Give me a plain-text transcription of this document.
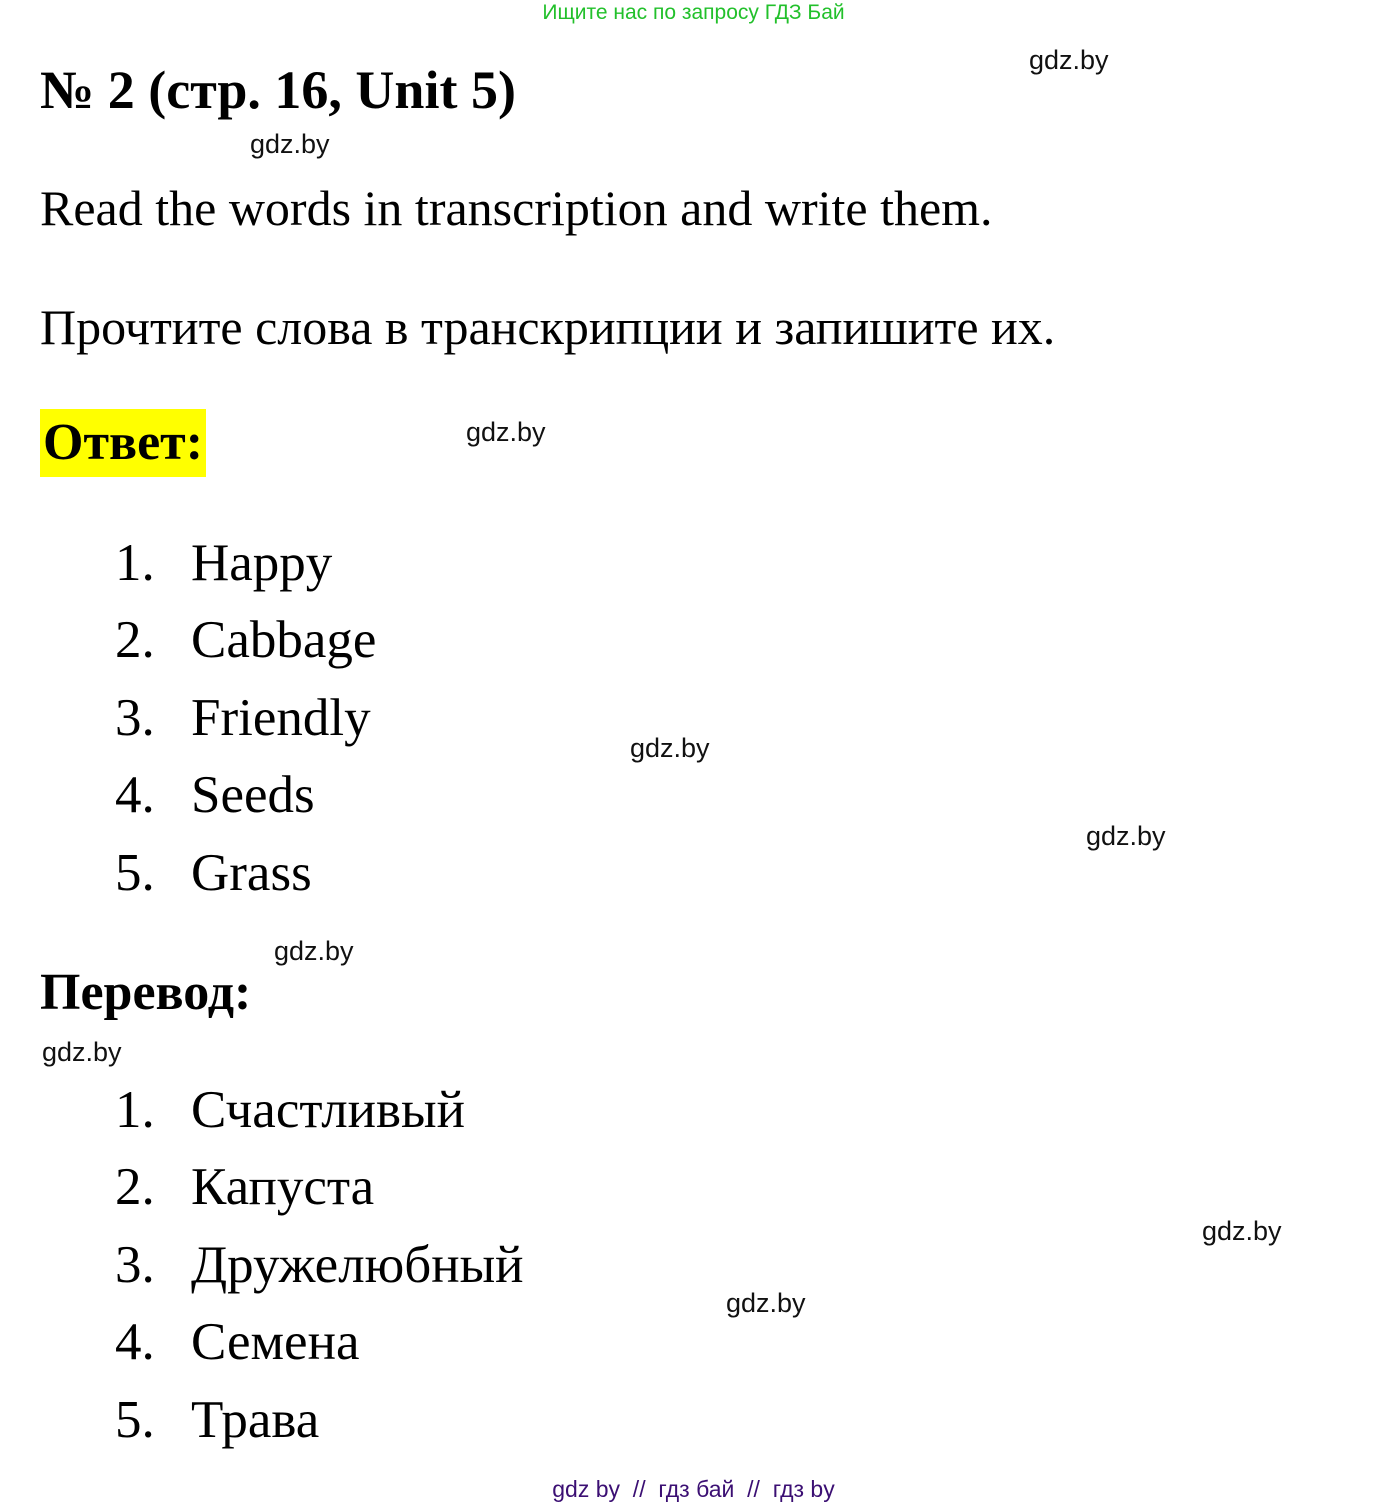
Ищите нас по запросу ГДЗ Бай
№ 2 (стр. 16, Unit 5)
Read the words in transcription and write them.
Прочтите слова в транскрипции и запишите их.
Ответ:
1. Happy
2. Cabbage
3. Friendly
4. Seeds
5. Grass
Перевод:
1. Счастливый
2. Капуста
3. Дружелюбный
4. Семена
5. Трава
gdz.by
gdz.by
gdz.by
gdz.by
gdz.by
gdz.by
gdz.by
gdz.by
gdz.by
gdz by  //  гдз бай  //  гдз by
